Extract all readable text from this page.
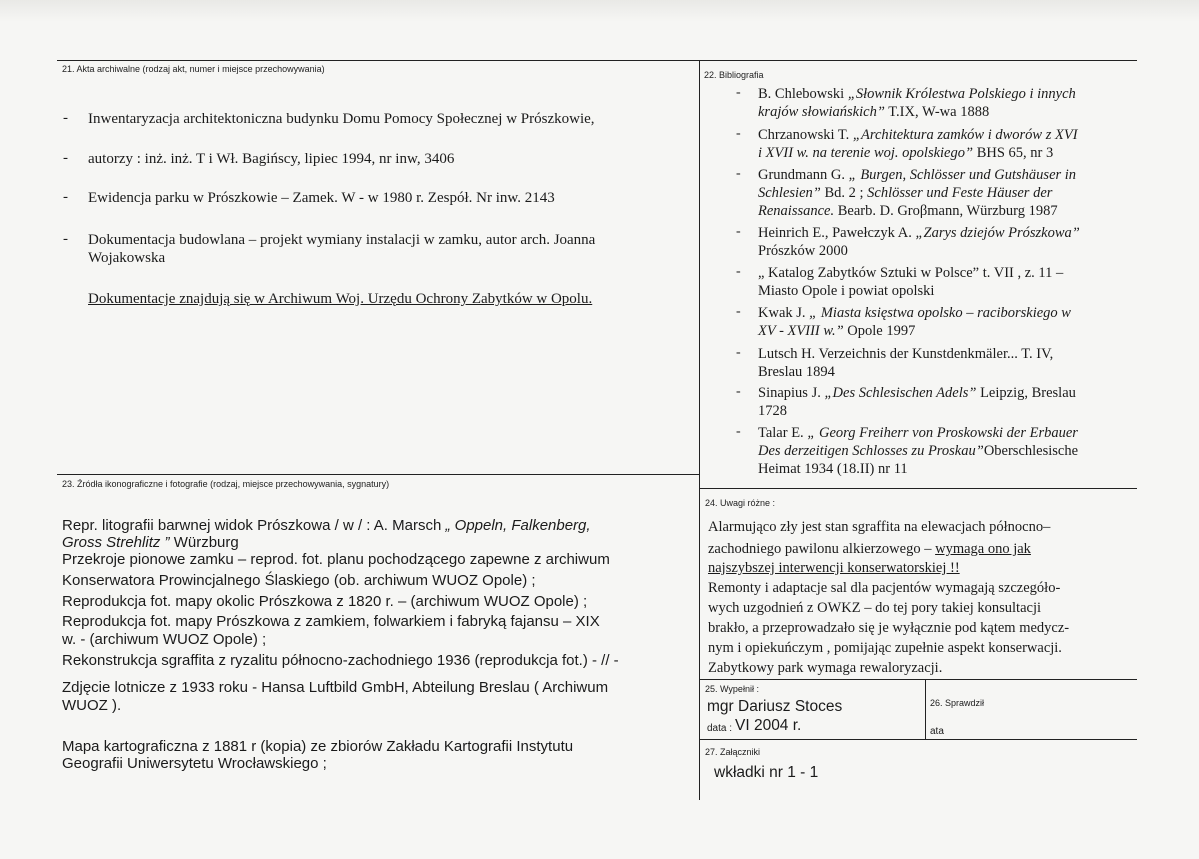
21. Akta archiwalne (rodzaj akt, numer i miejsce przechowywania)
- Inwentaryzacja architektoniczna budynku Domu Pomocy Społecznej w Prószkowie,
- autorzy : inż. inż. T i Wł. Bagińscy, lipiec 1994, nr inw, 3406
- Ewidencja parku w Prószkowie – Zamek. W - w 1980 r. Zespół. Nr inw. 2143
- Dokumentacja budowlana – projekt wymiany instalacji w zamku, autor arch. Joanna
Wojakowska
Dokumentacje znajdują się w Archiwum Woj. Urzędu Ochrony Zabytków w Opolu.
22. Bibliografia
- B. Chlebowski „Słownik Królestwa Polskiego i innych
krajów słowiańskich” T.IX, W-wa 1888
- Chrzanowski T. „Architektura zamków i dworów z XVI
i XVII w. na terenie woj. opolskiego” BHS 65, nr 3
- Grundmann G. „ Burgen, Schlösser und Gutshäuser in
Schlesien” Bd. 2 ; Schlösser und Feste Häuser der
Renaissance. Bearb. D. Groβmann, Würzburg 1987
- Heinrich E., Pawełczyk A. „Zarys dziejów Prószkowa”
Prószków 2000
- „ Katalog Zabytków Sztuki w Polsce” t. VII , z. 11 –
Miasto Opole i powiat opolski
- Kwak J. „ Miasta księstwa opolsko – raciborskiego w
XV - XVIII w.” Opole 1997
- Lutsch H. Verzeichnis der Kunstdenkmäler... T. IV,
Breslau 1894
- Sinapius J. „Des Schlesischen Adels” Leipzig, Breslau
1728
- Talar E. „ Georg Freiherr von Proskowski der Erbauer
Des derzeitigen Schlosses zu Proskau”Oberschlesische
Heimat 1934 (18.II) nr 11
23. Źródła ikonograficzne i fotografie (rodzaj, miejsce przechowywania, sygnatury)
Repr. litografii barwnej widok Prószkowa / w / : A. Marsch „ Oppeln, Falkenberg,
Gross Strehlitz ” Würzburg
Przekroje pionowe zamku – reprod. fot. planu pochodzącego zapewne z archiwum
Konserwatora Prowincjalnego Ślaskiego (ob. archiwum WUOZ Opole) ;
Reprodukcja fot. mapy okolic Prószkowa z 1820 r. – (archiwum WUOZ Opole) ;
Reprodukcja fot. mapy Prószkowa z zamkiem, folwarkiem i fabryką fajansu – XIX
w. - (archiwum WUOZ Opole) ;
Rekonstrukcja sgraffita z ryzalitu północno-zachodniego 1936 (reprodukcja fot.) - // -
Zdjęcie lotnicze z 1933 roku - Hansa Luftbild GmbH, Abteilung Breslau ( Archiwum
WUOZ ).
Mapa kartograficzna z 1881 r (kopia) ze zbiorów Zakładu Kartografii Instytutu
Geografii Uniwersytetu Wrocławskiego ;
24. Uwagi różne :
Alarmująco zły jest stan sgraffita na elewacjach północno–
zachodniego pawilonu alkierzowego – wymaga ono jak
najszybszej interwencji konserwatorskiej !!
Remonty i adaptacje sal dla pacjentów wymagają szczegóło-
wych uzgodnień z OWKZ – do tej pory takiej konsultacji
brakło, a przeprowadzało się je wyłącznie pod kątem medycz-
nym i opiekuńczym , pomijając zupełnie aspekt konserwacji.
Zabytkowy park wymaga rewaloryzacji.
25. Wypełnił :
mgr Dariusz Stoces
data : VI 2004 r.
26. Sprawdził
ata
27. Załączniki
wkładki nr 1 - 1
